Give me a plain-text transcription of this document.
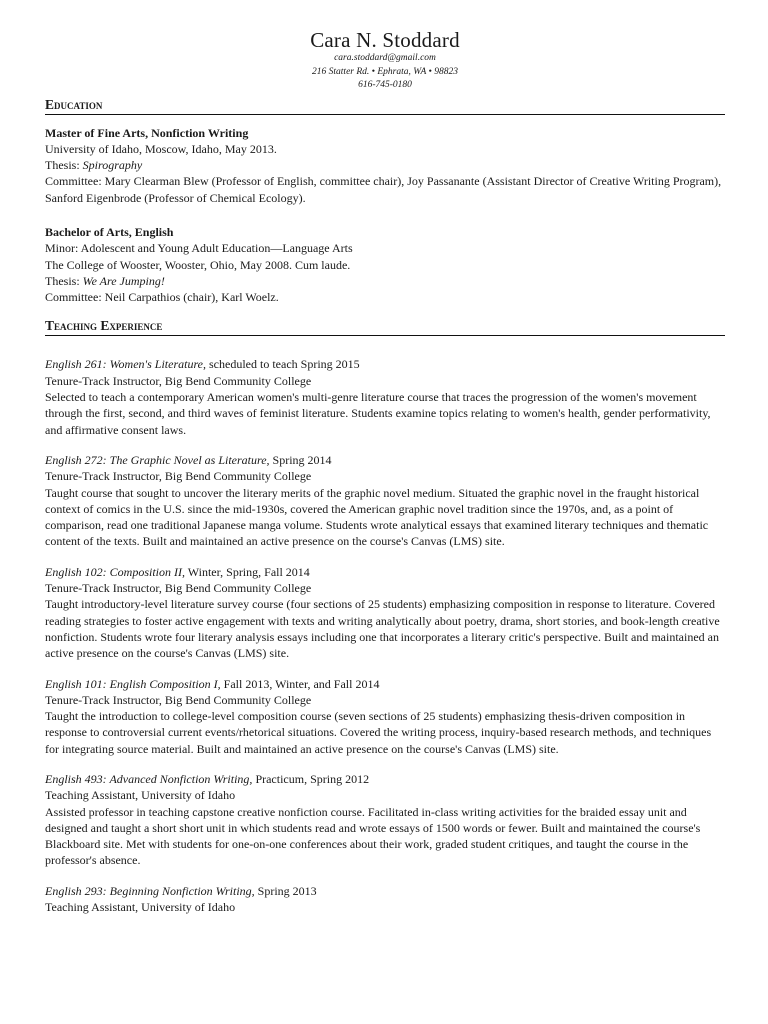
Cara N. Stoddard
cara.stoddard@gmail.com
216 Statter Rd. • Ephrata, WA • 98823
616-745-0180
Education
Master of Fine Arts, Nonfiction Writing
University of Idaho, Moscow, Idaho, May 2013.
Thesis: Spirography
Committee: Mary Clearman Blew (Professor of English, committee chair), Joy Passanante (Assistant Director of Creative Writing Program), Sanford Eigenbrode (Professor of Chemical Ecology).
Bachelor of Arts, English
Minor: Adolescent and Young Adult Education—Language Arts
The College of Wooster, Wooster, Ohio, May 2008. Cum laude.
Thesis: We Are Jumping!
Committee: Neil Carpathios (chair), Karl Woelz.
Teaching Experience
English 261: Women's Literature, scheduled to teach Spring 2015
Tenure-Track Instructor, Big Bend Community College
Selected to teach a contemporary American women's multi-genre literature course that traces the progression of the women's movement through the first, second, and third waves of feminist literature. Students examine topics relating to women's health, gender performativity, and affirmative consent laws.
English 272: The Graphic Novel as Literature, Spring 2014
Tenure-Track Instructor, Big Bend Community College
Taught course that sought to uncover the literary merits of the graphic novel medium. Situated the graphic novel in the fraught historical context of comics in the U.S. since the mid-1930s, covered the American graphic novel tradition since the 1970s, and, as a point of comparison, read one traditional Japanese manga volume. Students wrote analytical essays that examined literary techniques and thematic content of the texts. Built and maintained an active presence on the course's Canvas (LMS) site.
English 102: Composition II, Winter, Spring, Fall 2014
Tenure-Track Instructor, Big Bend Community College
Taught introductory-level literature survey course (four sections of 25 students) emphasizing composition in response to literature. Covered reading strategies to foster active engagement with texts and writing analytically about poetry, drama, short stories, and book-length creative nonfiction. Students wrote four literary analysis essays including one that incorporates a literary critic's perspective. Built and maintained an active presence on the course's Canvas (LMS) site.
English 101: English Composition I, Fall 2013, Winter, and Fall 2014
Tenure-Track Instructor, Big Bend Community College
Taught the introduction to college-level composition course (seven sections of 25 students) emphasizing thesis-driven composition in response to controversial current events/rhetorical situations. Covered the writing process, inquiry-based research methods, and techniques for integrating source material. Built and maintained an active presence on the course's Canvas (LMS) site.
English 493: Advanced Nonfiction Writing, Practicum, Spring 2012
Teaching Assistant, University of Idaho
Assisted professor in teaching capstone creative nonfiction course. Facilitated in-class writing activities for the braided essay unit and designed and taught a short short unit in which students read and wrote essays of 1500 words or fewer. Built and maintained the course's Blackboard site. Met with students for one-on-one conferences about their work, graded student critiques, and taught the course in the professor's absence.
English 293: Beginning Nonfiction Writing, Spring 2013
Teaching Assistant, University of Idaho
